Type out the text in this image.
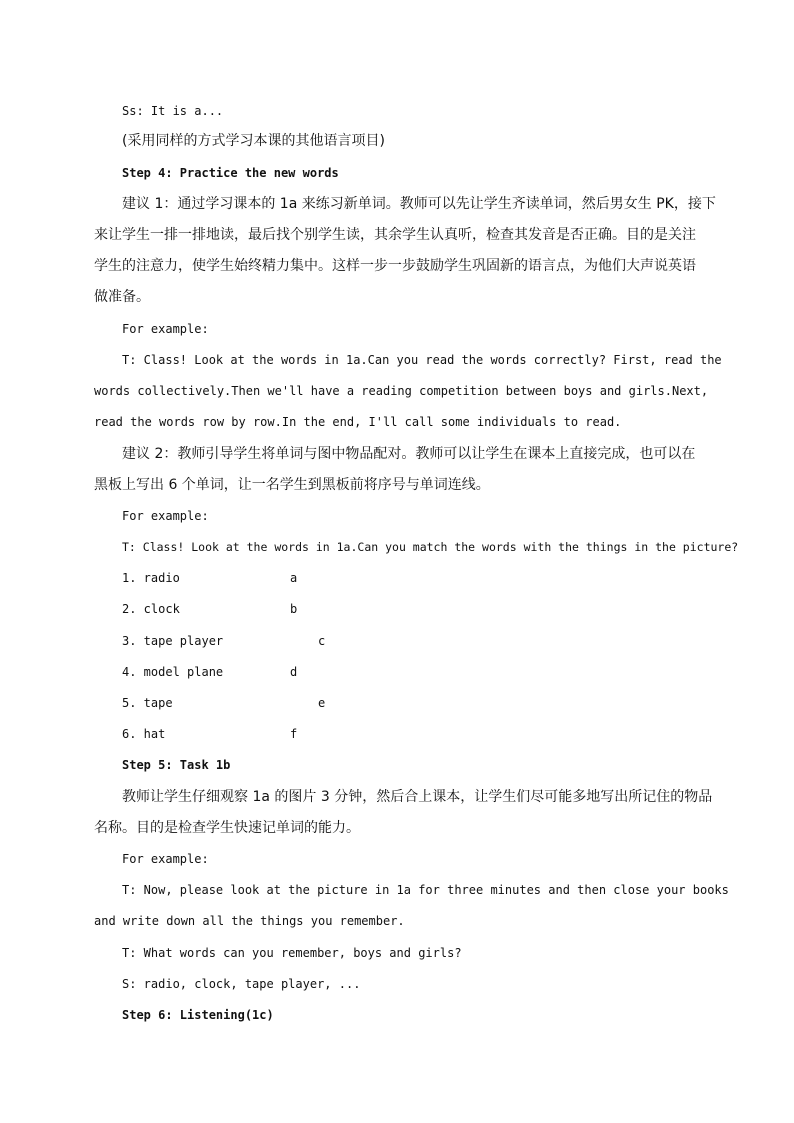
Ss: It is a...
(采用同样的方式学习本课的其他语言项目)
Step 4: Practice the new words
建议 1：通过学习课本的 1a 来练习新单词。教师可以先让学生齐读单词，然后男女生 PK，接下
来让学生一排一排地读，最后找个别学生读，其余学生认真听，检查其发音是否正确。目的是关注
学生的注意力，使学生始终精力集中。这样一步一步鼓励学生巩固新的语言点，为他们大声说英语
做准备。
For example:
T: Class! Look at the words in 1a.Can you read the words correctly? First, read the
words collectively.Then we'll have a reading competition between boys and girls.Next,
read the words row by row.In the end, I'll call some individuals to read.
建议 2：教师引导学生将单词与图中物品配对。教师可以让学生在课本上直接完成，也可以在
黑板上写出 6 个单词，让一名学生到黑板前将序号与单词连线。
For example:
T: Class! Look at the words in 1a.Can you match the words with the things in the picture?
1. radio	a
2. clock	b
3. tape player	c
4. model plane	d
5. tape	e
6. hat	f
Step 5: Task 1b
教师让学生仔细观察 1a 的图片 3 分钟，然后合上课本，让学生们尽可能多地写出所记住的物品
名称。目的是检查学生快速记单词的能力。
For example:
T: Now, please look at the picture in 1a for three minutes and then close your books
and write down all the things you remember.
T: What words can you remember, boys and girls?
S: radio, clock, tape player, ...
Step 6: Listening(1c)
